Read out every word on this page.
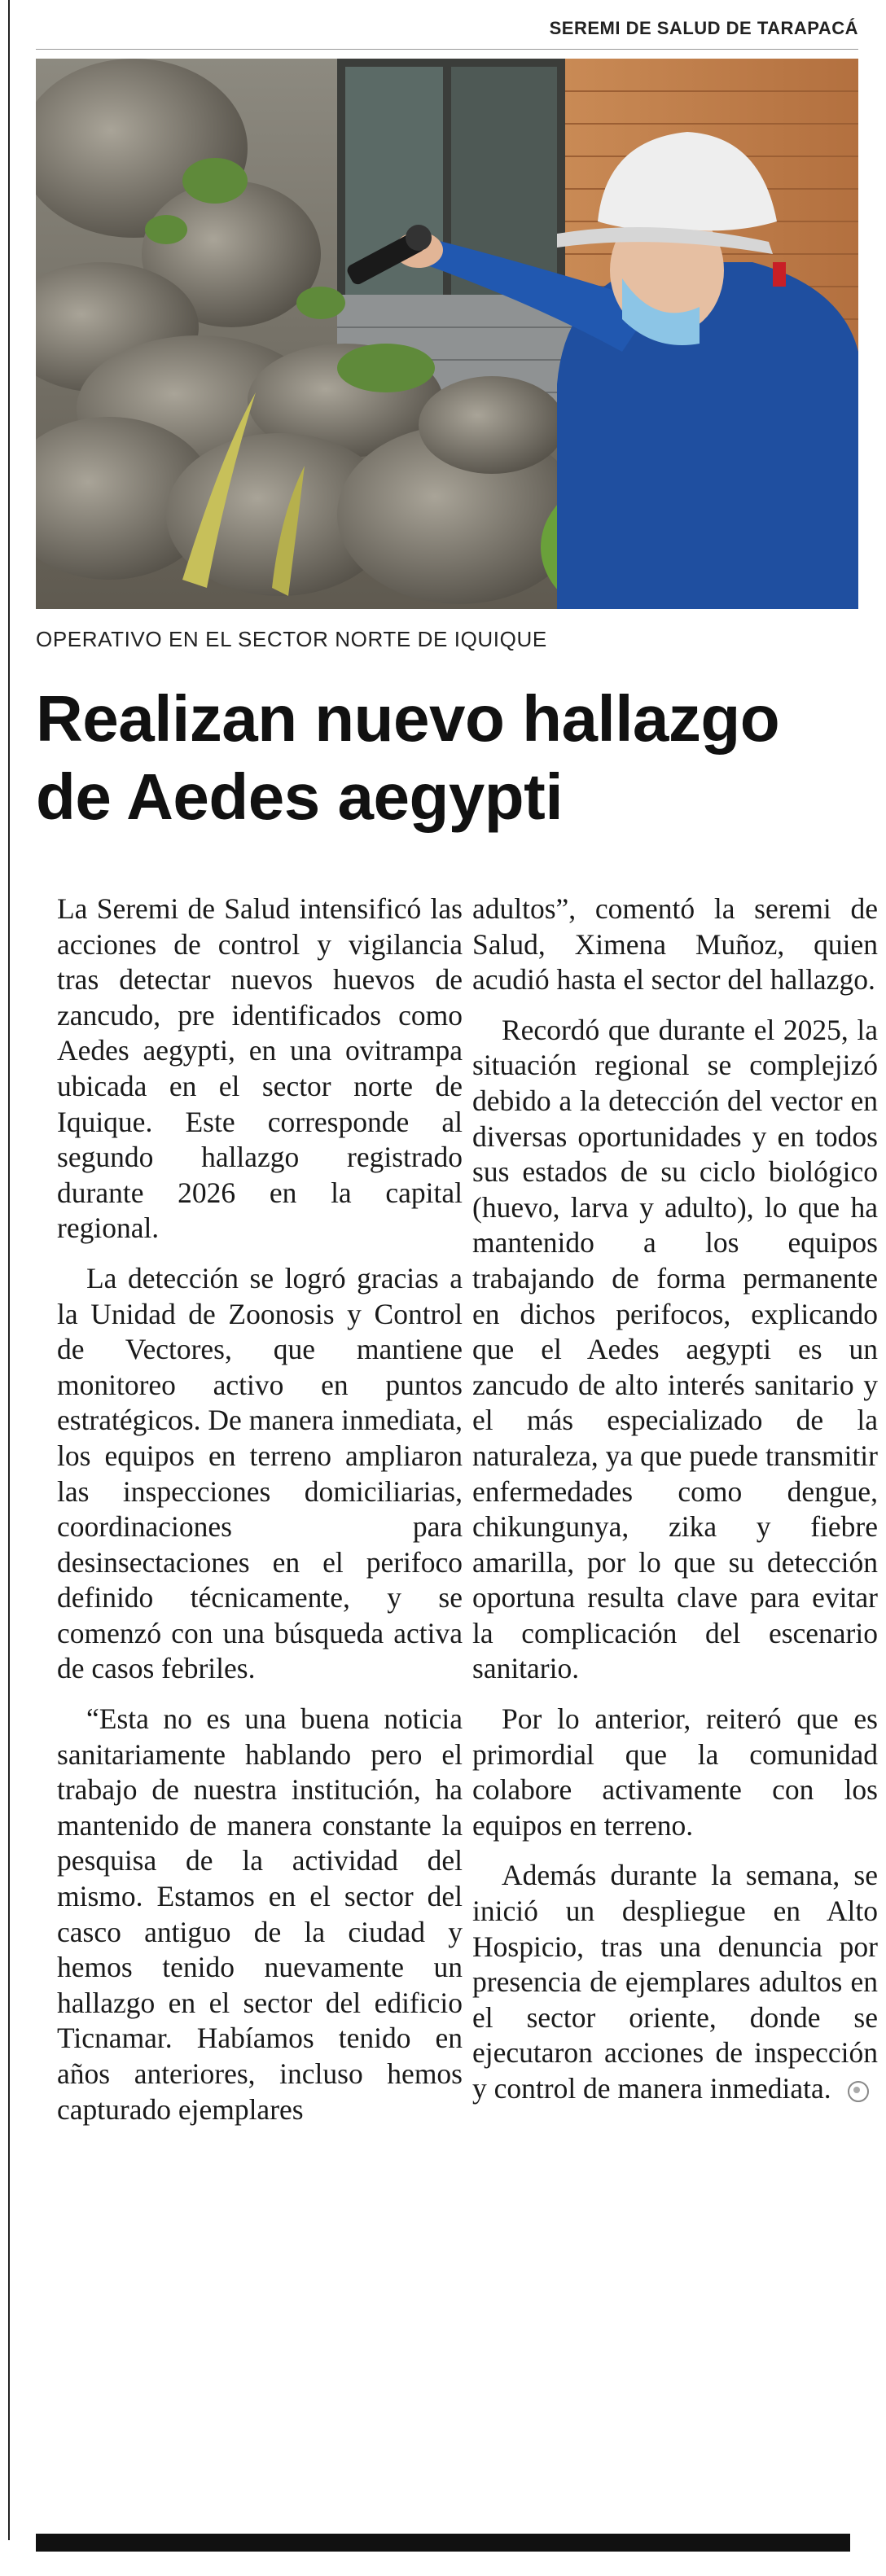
SEREMI DE SALUD DE TARAPACÁ
OPERATIVO EN EL SECTOR NORTE DE IQUIQUE
Realizan nuevo hallazgo
de Aedes aegypti

La Seremi de Salud intensificó las acciones de control y vigilancia tras detectar nuevos huevos de zancudo, pre identificados como Aedes aegypti, en una ovitrampa ubicada en el sector norte de Iquique. Este corresponde al segundo hallazgo registrado durante 2026 en la capital regional.

La detección se logró gracias a la Unidad de Zoonosis y Control de Vectores, que mantiene monitoreo activo en puntos estratégicos. De manera inmediata, los equipos en terreno ampliaron las inspecciones domiciliarias, coordinaciones para desinsectaciones en el perifoco definido técnicamente, y se comenzó con una búsqueda activa de casos febriles.

“Esta no es una buena noticia sanitariamente hablando pero el trabajo de nuestra institución, ha mantenido de manera constante la pesquisa de la actividad del mismo. Estamos en el sector del casco antiguo de la ciudad y hemos tenido nuevamente un hallazgo en el sector del edificio Ticnamar. Habíamos tenido en años anteriores, incluso hemos capturado ejemplares

adultos”, comentó la seremi de Salud, Ximena Muñoz, quien acudió hasta el sector del hallazgo.

Recordó que durante el 2025, la situación regional se complejizó debido a la detección del vector en diversas oportunidades y en todos sus estados de su ciclo biológico (huevo, larva y adulto), lo que ha mantenido a los equipos trabajando de forma permanente en dichos perifocos, explicando que el Aedes aegypti es un zancudo de alto interés sanitario y el más especializado de la naturaleza, ya que puede transmitir enfermedades como dengue, chikungunya, zika y fiebre amarilla, por lo que su detección oportuna resulta clave para evitar la complicación del escenario sanitario.

Por lo anterior, reiteró que es primordial que la comunidad colabore activamente con los equipos en terreno.

Además durante la semana, se inició un despliegue en Alto Hospicio, tras una denuncia por presencia de ejemplares adultos en el sector oriente, donde se ejecutaron acciones de inspección y control de manera inmediata.
